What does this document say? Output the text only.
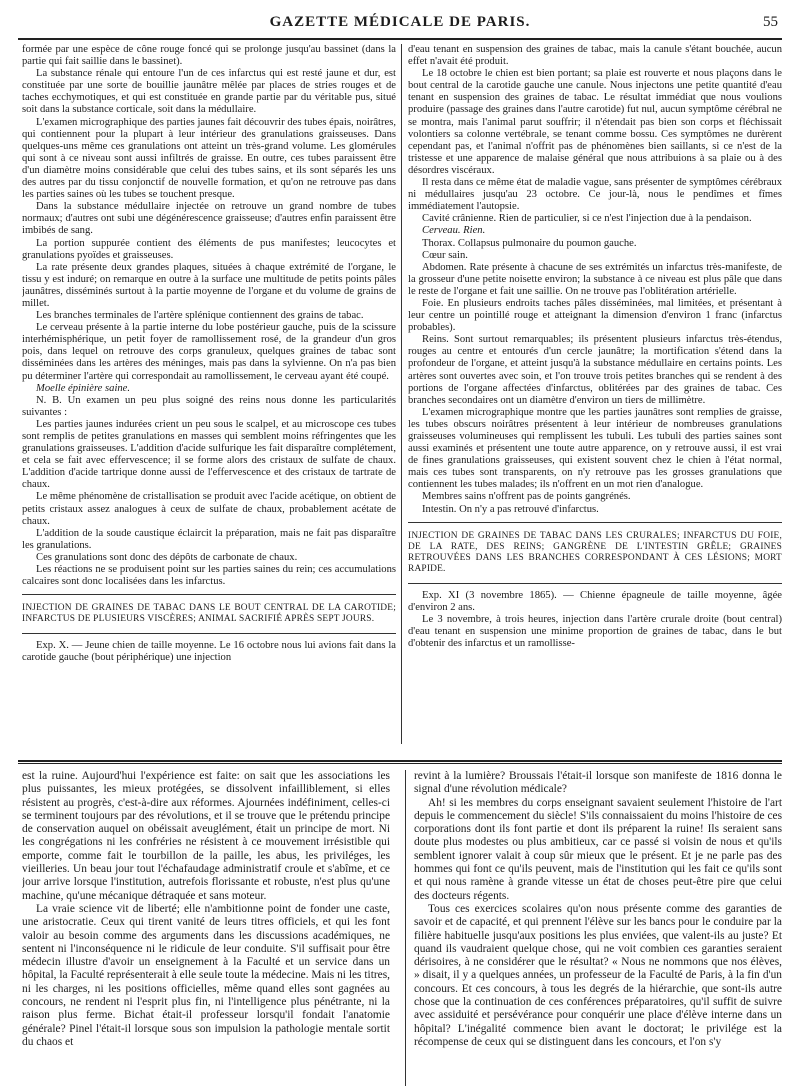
GAZETTE MÉDICALE DE PARIS.	55

formée par une espèce de cône rouge foncé qui se prolonge jusqu'au bassinet (dans la partie qui fait saillie dans le bassinet).

La substance rénale qui entoure l'un de ces infarctus qui est resté jaune et dur, est constituée par une sorte de bouillie jaunâtre mêlée par places de stries rouges et de taches ecchymotiques, et qui est constituée en grande partie par du véritable pus, situé soit dans la substance corticale, soit dans la médullaire.

L'examen micrographique des parties jaunes fait découvrir des tubes épais, noirâtres, qui contiennent pour la plupart à leur intérieur des granulations graisseuses. Dans quelques-uns même ces granulations ont atteint un très-grand volume. Les glomérules qui sont à ce niveau sont aussi infiltrés de graisse. En outre, ces tubes paraissent être d'un diamètre moins considérable que celui des tubes sains, et ils sont séparés les uns des autres par du tissu conjonctif de nouvelle formation, et qu'on ne retrouve pas dans les parties saines où les tubes se touchent presque.

Dans la substance médullaire injectée on retrouve un grand nombre de tubes normaux; d'autres ont subi une dégénérescence graisseuse; d'autres enfin paraissent être imbibés de sang.

La portion suppurée contient des éléments de pus manifestes; leucocytes et granulations pyoïdes et graisseuses.

La rate présente deux grandes plaques, situées à chaque extrémité de l'organe, le tissu y est induré; on remarque en outre à la surface une multitude de petits points pâles jaunâtres, disséminés surtout à la partie moyenne de l'organe et du volume de grains de millet.

Les branches terminales de l'artère splénique contiennent des grains de tabac.

Le cerveau présente à la partie interne du lobe postérieur gauche, puis de la scissure interhémisphérique, un petit foyer de ramollissement rosé, de la grandeur d'un gros pois, dans lequel on retrouve des corps granuleux, quelques graines de tabac sont disséminées dans les artères des méninges, mais pas dans la sylvienne. On n'a pas bien pu déterminer l'artère qui correspondait au ramollissement, le cerveau ayant été coupé.

Moelle épinière saine.

N. B. Un examen un peu plus soigné des reins nous donne les particularités suivantes :

Les parties jaunes indurées crient un peu sous le scalpel, et au microscope ces tubes sont remplis de petites granulations en masses qui semblent moins réfringentes que les granulations graisseuses. L'addition d'acide sulfurique les fait disparaître complétement, et cela se fait avec effervescence; il se forme alors des cristaux de sulfate de chaux. L'addition d'acide tartrique donne aussi de l'effervescence et des cristaux de tartrate de chaux.

Le même phénomène de cristallisation se produit avec l'acide acétique, on obtient de petits cristaux assez analogues à ceux de sulfate de chaux, probablement acétate de chaux.

L'addition de la soude caustique éclaircit la préparation, mais ne fait pas disparaître les granulations.

Ces granulations sont donc des dépôts de carbonate de chaux.

Les réactions ne se produisent point sur les parties saines du rein; ces accumulations calcaires sont donc localisées dans les infarctus.

INJECTION DE GRAINES DE TABAC DANS LE BOUT CENTRAL DE LA CAROTIDE; INFARCTUS DE PLUSIEURS VISCÈRES; ANIMAL SACRIFIÉ APRÈS SEPT JOURS.

Exp. X. — Jeune chien de taille moyenne. Le 16 octobre nous lui avions fait dans la carotide gauche (bout périphérique) une injection

d'eau tenant en suspension des graines de tabac, mais la canule s'étant bouchée, aucun effet n'avait été produit.

Le 18 octobre le chien est bien portant; sa plaie est rouverte et nous plaçons dans le bout central de la carotide gauche une canule. Nous injectons une petite quantité d'eau tenant en suspension des graines de tabac. Le résultat immédiat que nous voulions produire (passage des graines dans l'autre carotide) fut nul, aucun symptôme cérébral ne se montra, mais l'animal parut souffrir; il n'étendait pas bien son corps et fléchissait volontiers sa colonne vertébrale, se tenant comme bossu. Ces symptômes ne durèrent cependant pas, et l'animal n'offrit pas de phénomènes bien saillants, si ce n'est de la tristesse et une apparence de malaise général que nous attribuions à sa plaie ou à des désordres viscéraux.

Il resta dans ce même état de maladie vague, sans présenter de symptômes cérébraux ni médullaires jusqu'au 23 octobre. Ce jour-là, nous le pendîmes et fîmes immédiatement l'autopsie.

Cavité crânienne. Rien de particulier, si ce n'est l'injection due à la pendaison.

Cerveau. Rien.

Thorax. Collapsus pulmonaire du poumon gauche.

Cœur sain.

Abdomen. Rate présente à chacune de ses extrémités un infarctus très-manifeste, de la grosseur d'une petite noisette environ; la substance à ce niveau est plus pâle que dans le reste de l'organe et fait une saillie. On ne trouve pas l'oblitération artérielle.

Foie. En plusieurs endroits taches pâles disséminées, mal limitées, et présentant à leur centre un pointillé rouge et atteignant la dimension d'environ 1 franc (infarctus probables).

Reins. Sont surtout remarquables; ils présentent plusieurs infarctus très-étendus, rouges au centre et entourés d'un cercle jaunâtre; la mortification s'étend dans la profondeur de l'organe, et atteint jusqu'à la substance médullaire en certains points. Les artères sont ouvertes avec soin, et l'on trouve trois petites branches qui se rendent à des portions de l'organe affectées d'infarctus, oblitérées par des graines de tabac. Ces branches secondaires ont un diamètre d'environ un tiers de millimètre.

L'examen micrographique montre que les parties jaunâtres sont remplies de graisse, les tubes obscurs noirâtres présentent à leur intérieur de nombreuses granulations graisseuses volumineuses qui remplissent les tubuli. Les tubuli des parties saines sont aussi examinés et présentent une toute autre apparence, on y retrouve aussi, il est vrai de fines granulations graisseuses, qui existent souvent chez le chien à l'état normal, mais ces tubes sont transparents, on n'y retrouve pas les grosses granulations que contiennent les tubes malades; ils n'offrent en un mot rien d'analogue.

Membres sains n'offrent pas de points gangrénés.

Intestin. On n'y a pas retrouvé d'infarctus.

INJECTION DE GRAINES DE TABAC DANS LES CRURALES; INFARCTUS DU FOIE, DE LA RATE, DES REINS; GANGRÈNE DE L'INTESTIN GRÊLE; GRAINES RETROUVÉES DANS LES BRANCHES CORRESPONDANT À CES LÉSIONS; MORT RAPIDE.

Exp. XI (3 novembre 1865). — Chienne épagneule de taille moyenne, âgée d'environ 2 ans.

Le 3 novembre, à trois heures, injection dans l'artère crurale droite (bout central) d'eau tenant en suspension une minime proportion de graines de tabac, dans le but d'obtenir des infarctus et un ramollisse-

est la ruine. Aujourd'hui l'expérience est faite: on sait que les associations les plus puissantes, les mieux protégées, se dissolvent infailliblement, si elles résistent au progrès, c'est-à-dire aux réformes. Ajournées indéfiniment, celles-ci se terminent toujours par des révolutions, et il se trouve que le prétendu principe de conservation auquel on obéissait aveuglément, était un principe de mort. Ni les congrégations ni les confréries ne résistent à ce mouvement irrésistible qui emporte, comme fait le tourbillon de la paille, les abus, les priviléges, les vieilleries. Un beau jour tout l'échafaudage administratif croule et s'abîme, et ce jour arrive lorsque l'institution, autrefois florissante et robuste, n'est plus qu'une machine, qu'une mécanique détraquée et sans moteur.

La vraie science vit de liberté; elle n'ambitionne point de fonder une caste, une aristocratie. Ceux qui tirent vanité de leurs titres officiels, et qui les font valoir au besoin comme des arguments dans les discussions académiques, ne sentent ni l'inconséquence ni le ridicule de leur conduite. S'il suffisait pour être médecin illustre d'avoir un enseignement à la Faculté et un service dans un hôpital, la Faculté représenterait à elle seule toute la médecine. Mais ni les titres, ni les charges, ni les positions officielles, même quand elles sont gagnées au concours, ne rendent ni l'esprit plus fin, ni l'intelligence plus pénétrante, ni la raison plus ferme. Bichat était-il professeur lorsqu'il fondait l'anatomie générale? Pinel l'était-il lorsque sous son impulsion la pathologie mentale sortit du chaos et

revint à la lumière? Broussais l'était-il lorsque son manifeste de 1816 donna le signal d'une révolution médicale?

Ah! si les membres du corps enseignant savaient seulement l'histoire de l'art depuis le commencement du siècle! S'ils connaissaient du moins l'histoire de ces corporations dont ils font partie et dont ils préparent la ruine! Ils seraient sans doute plus modestes ou plus ambitieux, car ce passé si voisin de nous et qu'ils semblent ignorer valait à coup sûr mieux que le présent. Et je ne parle pas des hommes qui font ce qu'ils peuvent, mais de l'institution qui les fait ce qu'ils sont et qui nous ramène à grande vitesse un état de choses peut-être pire que celui des docteurs régents.

Tous ces exercices scolaires qu'on nous présente comme des garanties de savoir et de capacité, et qui prennent l'élève sur les bancs pour le conduire par la filière habituelle jusqu'aux positions les plus enviées, que valent-ils au juste? Et quand ils vaudraient quelque chose, qui ne voit combien ces garanties seraient dérisoires, à ne considérer que le résultat? « Nous ne nommons que nos élèves, » disait, il y a quelques années, un professeur de la Faculté de Paris, à la fin d'un concours. Et ces concours, à tous les degrés de la hiérarchie, que sont-ils autre chose que la continuation de ces conférences préparatoires, qu'il suffit de suivre avec assiduité et persévérance pour conquérir une place d'élève interne dans un hôpital? L'inégalité commence bien avant le doctorat; le privilége est la récompense de ceux qui se distinguent dans les concours, et l'on s'y
